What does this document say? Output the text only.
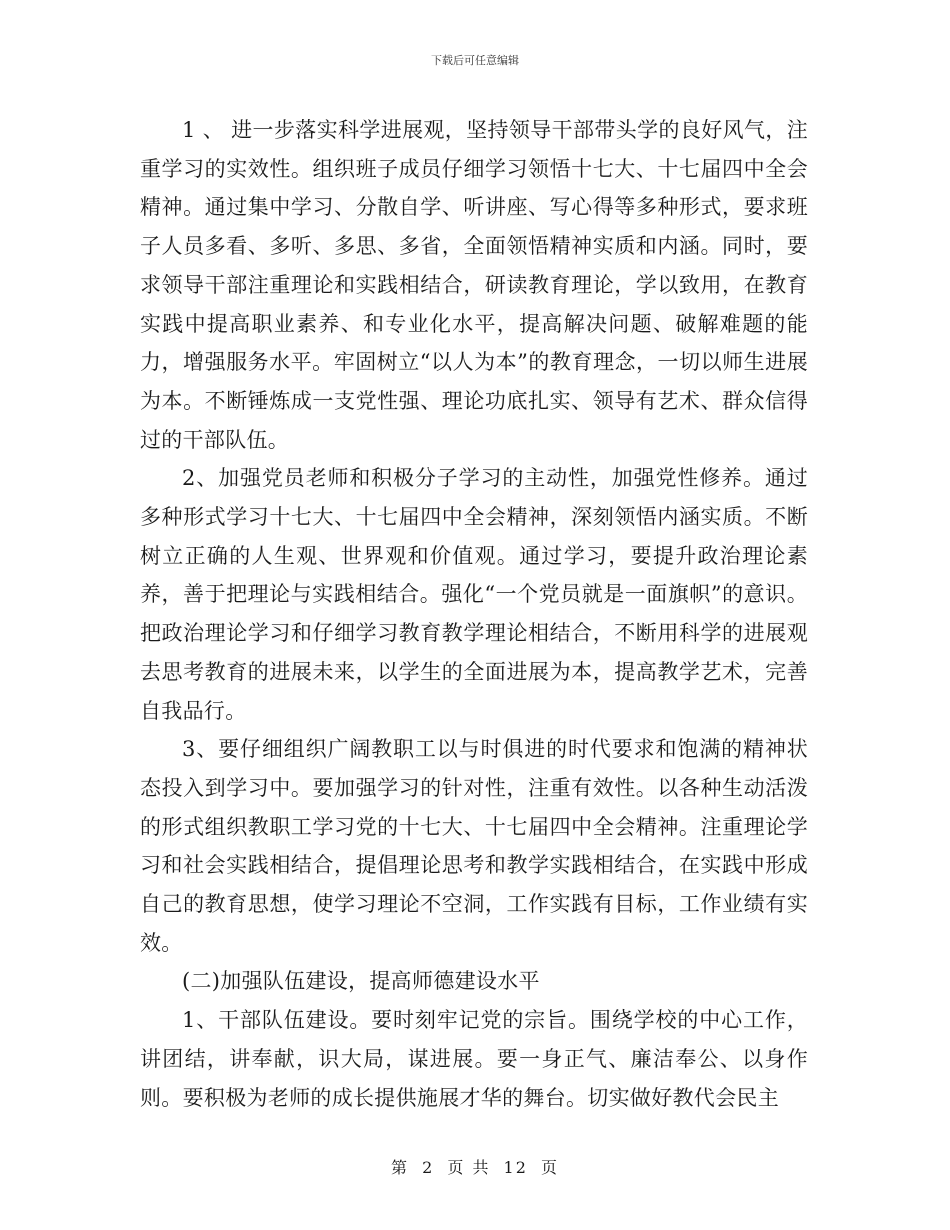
下载后可任意编辑

1 、 进一步落实科学进展观，坚持领导干部带头学的良好风气，注重学习的实效性。组织班子成员仔细学习领悟十七大、十七届四中全会精神。通过集中学习、分散自学、听讲座、写心得等多种形式，要求班子人员多看、多听、多思、多省，全面领悟精神实质和内涵。同时，要求领导干部注重理论和实践相结合，研读教育理论，学以致用，在教育实践中提高职业素养、和专业化水平，提高解决问题、破解难题的能力，增强服务水平。牢固树立“以人为本”的教育理念，一切以师生进展为本。不断锤炼成一支党性强、理论功底扎实、领导有艺术、群众信得过的干部队伍。

2、加强党员老师和积极分子学习的主动性，加强党性修养。通过多种形式学习十七大、十七届四中全会精神，深刻领悟内涵实质。不断树立正确的人生观、世界观和价值观。通过学习，要提升政治理论素养，善于把理论与实践相结合。强化“一个党员就是一面旗帜”的意识。把政治理论学习和仔细学习教育教学理论相结合，不断用科学的进展观去思考教育的进展未来，以学生的全面进展为本，提高教学艺术，完善自我品行。

3、要仔细组织广阔教职工以与时俱进的时代要求和饱满的精神状态投入到学习中。要加强学习的针对性，注重有效性。以各种生动活泼的形式组织教职工学习党的十七大、十七届四中全会精神。注重理论学习和社会实践相结合，提倡理论思考和教学实践相结合，在实践中形成自己的教育思想，使学习理论不空洞，工作实践有目标，工作业绩有实效。

(二)加强队伍建设，提高师德建设水平

1、干部队伍建设。要时刻牢记党的宗旨。围绕学校的中心工作，讲团结，讲奉献，识大局，谋进展。要一身正气、廉洁奉公、以身作则。要积极为老师的成长提供施展才华的舞台。切实做好教代会民主

第 2 页 共 12 页
